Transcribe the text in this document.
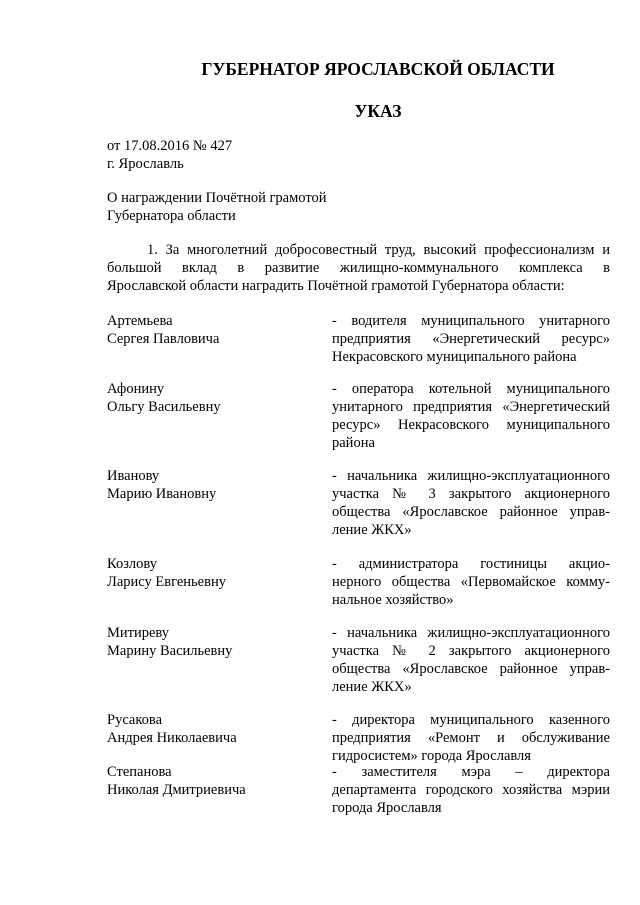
ГУБЕРНАТОР ЯРОСЛАВСКОЙ ОБЛАСТИ
УКАЗ
от 17.08.2016 № 427
г. Ярославль
О награждении Почётной грамотой
Губернатора области
1. За многолетний добросовестный труд, высокий профессионализм и
большой вклад в развитие жилищно-коммунального комплекса в
Ярославской области наградить Почётной грамотой Губернатора области:
Артемьева
Сергея Павловича
- водителя муниципального унитарного
предприятия «Энергетический ресурс»
Некрасовского муниципального района
Афонину
Ольгу Васильевну
- оператора котельной муниципального
унитарного предприятия «Энергетический
ресурс» Некрасовского муниципального
района
Иванову
Марию Ивановну
- начальника жилищно-эксплуатационного
участка № 3 закрытого акционерного
общества «Ярославское районное управ-
ление ЖКХ»
Козлову
Ларису Евгеньевну
- администратора гостиницы акцио-
нерного общества «Первомайское комму-
нальное хозяйство»
Митиреву
Марину Васильевну
- начальника жилищно-эксплуатационного
участка № 2 закрытого акционерного
общества «Ярославское районное управ-
ление ЖКХ»
Русакова
Андрея Николаевича
- директора муниципального казенного
предприятия «Ремонт и обслуживание
гидросистем» города Ярославля
Степанова
Николая Дмитриевича
- заместителя мэра – директора
департамента городского хозяйства мэрии
города Ярославля
